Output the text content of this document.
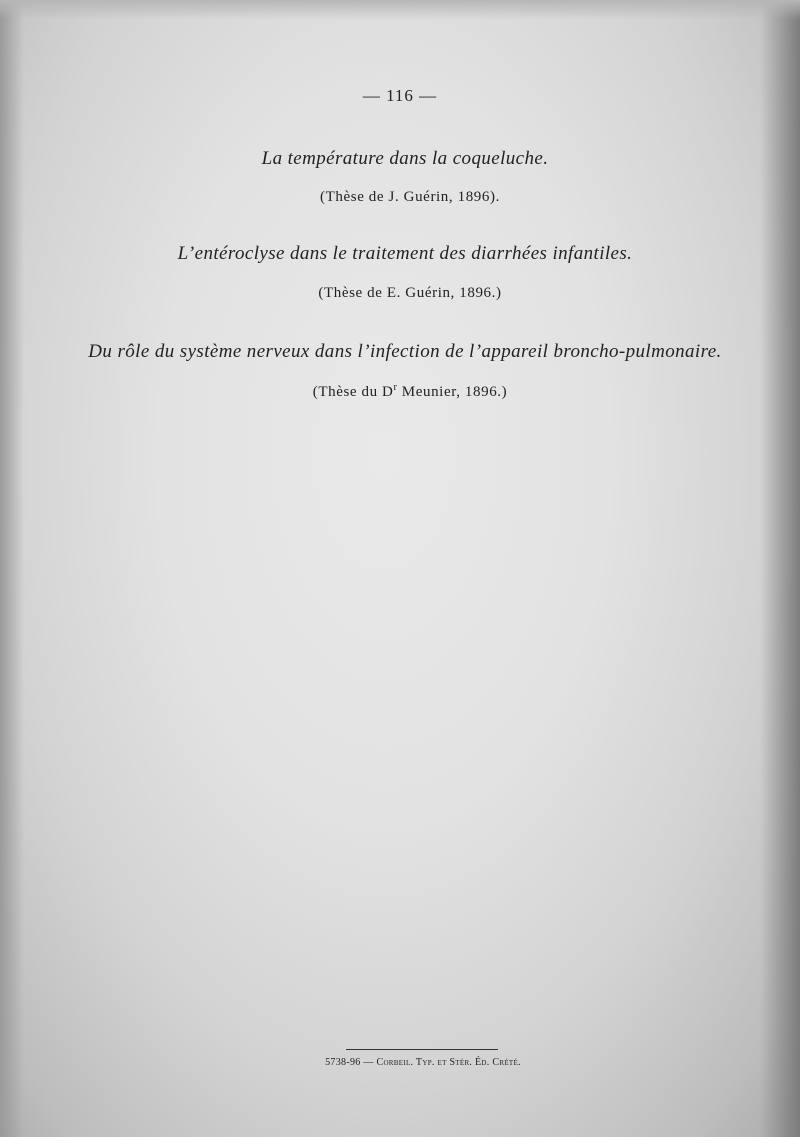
— 116 —
La température dans la coqueluche.
(Thèse de J. Guérin, 1896).
L’entéroclyse dans le traitement des diarrhées infantiles.
(Thèse de E. Guérin, 1896.)
Du rôle du système nerveux dans l’infection de l’appareil broncho-pulmonaire.
(Thèse du $D^r$ Meunier, 1896.)
5738-96 — Corbeil. Typ. et Stér. Éd. Crété.
